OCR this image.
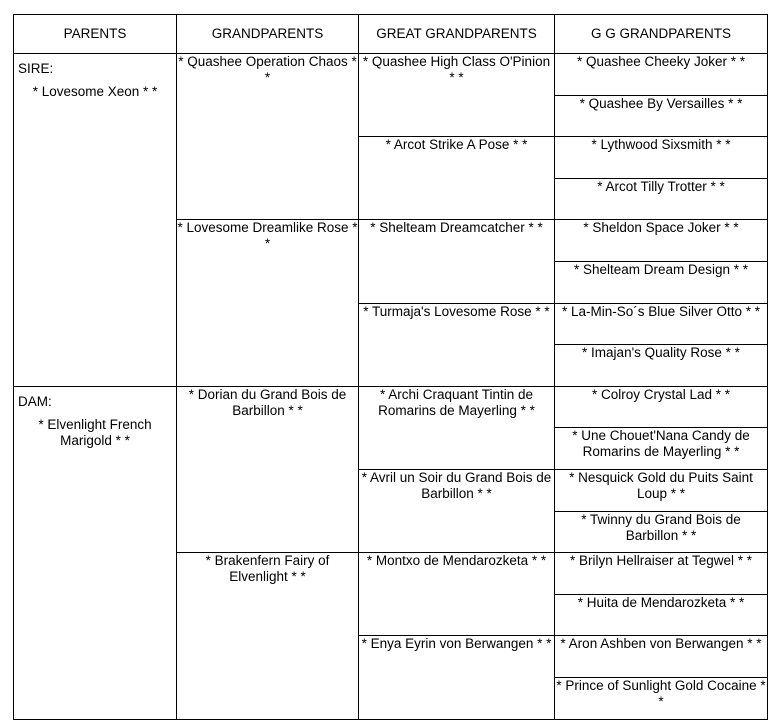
PARENTS	GRANDPARENTS	GREAT GRANDPARENTS	G G GRANDPARENTS

SIRE:
* Lovesome Xeon * *	* Quashee Operation Chaos * *	* Quashee High Class O'Pinion * *	* Quashee Cheeky Joker * *
			* Quashee By Versailles * *
		* Arcot Strike A Pose * *	* Lythwood Sixsmith * *
			* Arcot Tilly Trotter * *
	* Lovesome Dreamlike Rose * *	* Shelteam Dreamcatcher * *	* Sheldon Space Joker * *
			* Shelteam Dream Design * *
		* Turmaja's Lovesome Rose * *	* La-Min-So´s Blue Silver Otto * *
			* Imajan's Quality Rose * *

DAM:
* Elvenlight French Marigold * *	* Dorian du Grand Bois de Barbillon * *	* Archi Craquant Tintin de Romarins de Mayerling * *	* Colroy Crystal Lad * *
			* Une Chouet'Nana Candy de Romarins de Mayerling * *
		* Avril un Soir du Grand Bois de Barbillon * *	* Nesquick Gold du Puits Saint Loup * *
			* Twinny du Grand Bois de Barbillon * *
	* Brakenfern Fairy of Elvenlight * *	* Montxo de Mendarozketa * *	* Brilyn Hellraiser at Tegwel * *
			* Huita de Mendarozketa * *
		* Enya Eyrin von Berwangen * *	* Aron Ashben von Berwangen * *
			* Prince of Sunlight Gold Cocaine * *
